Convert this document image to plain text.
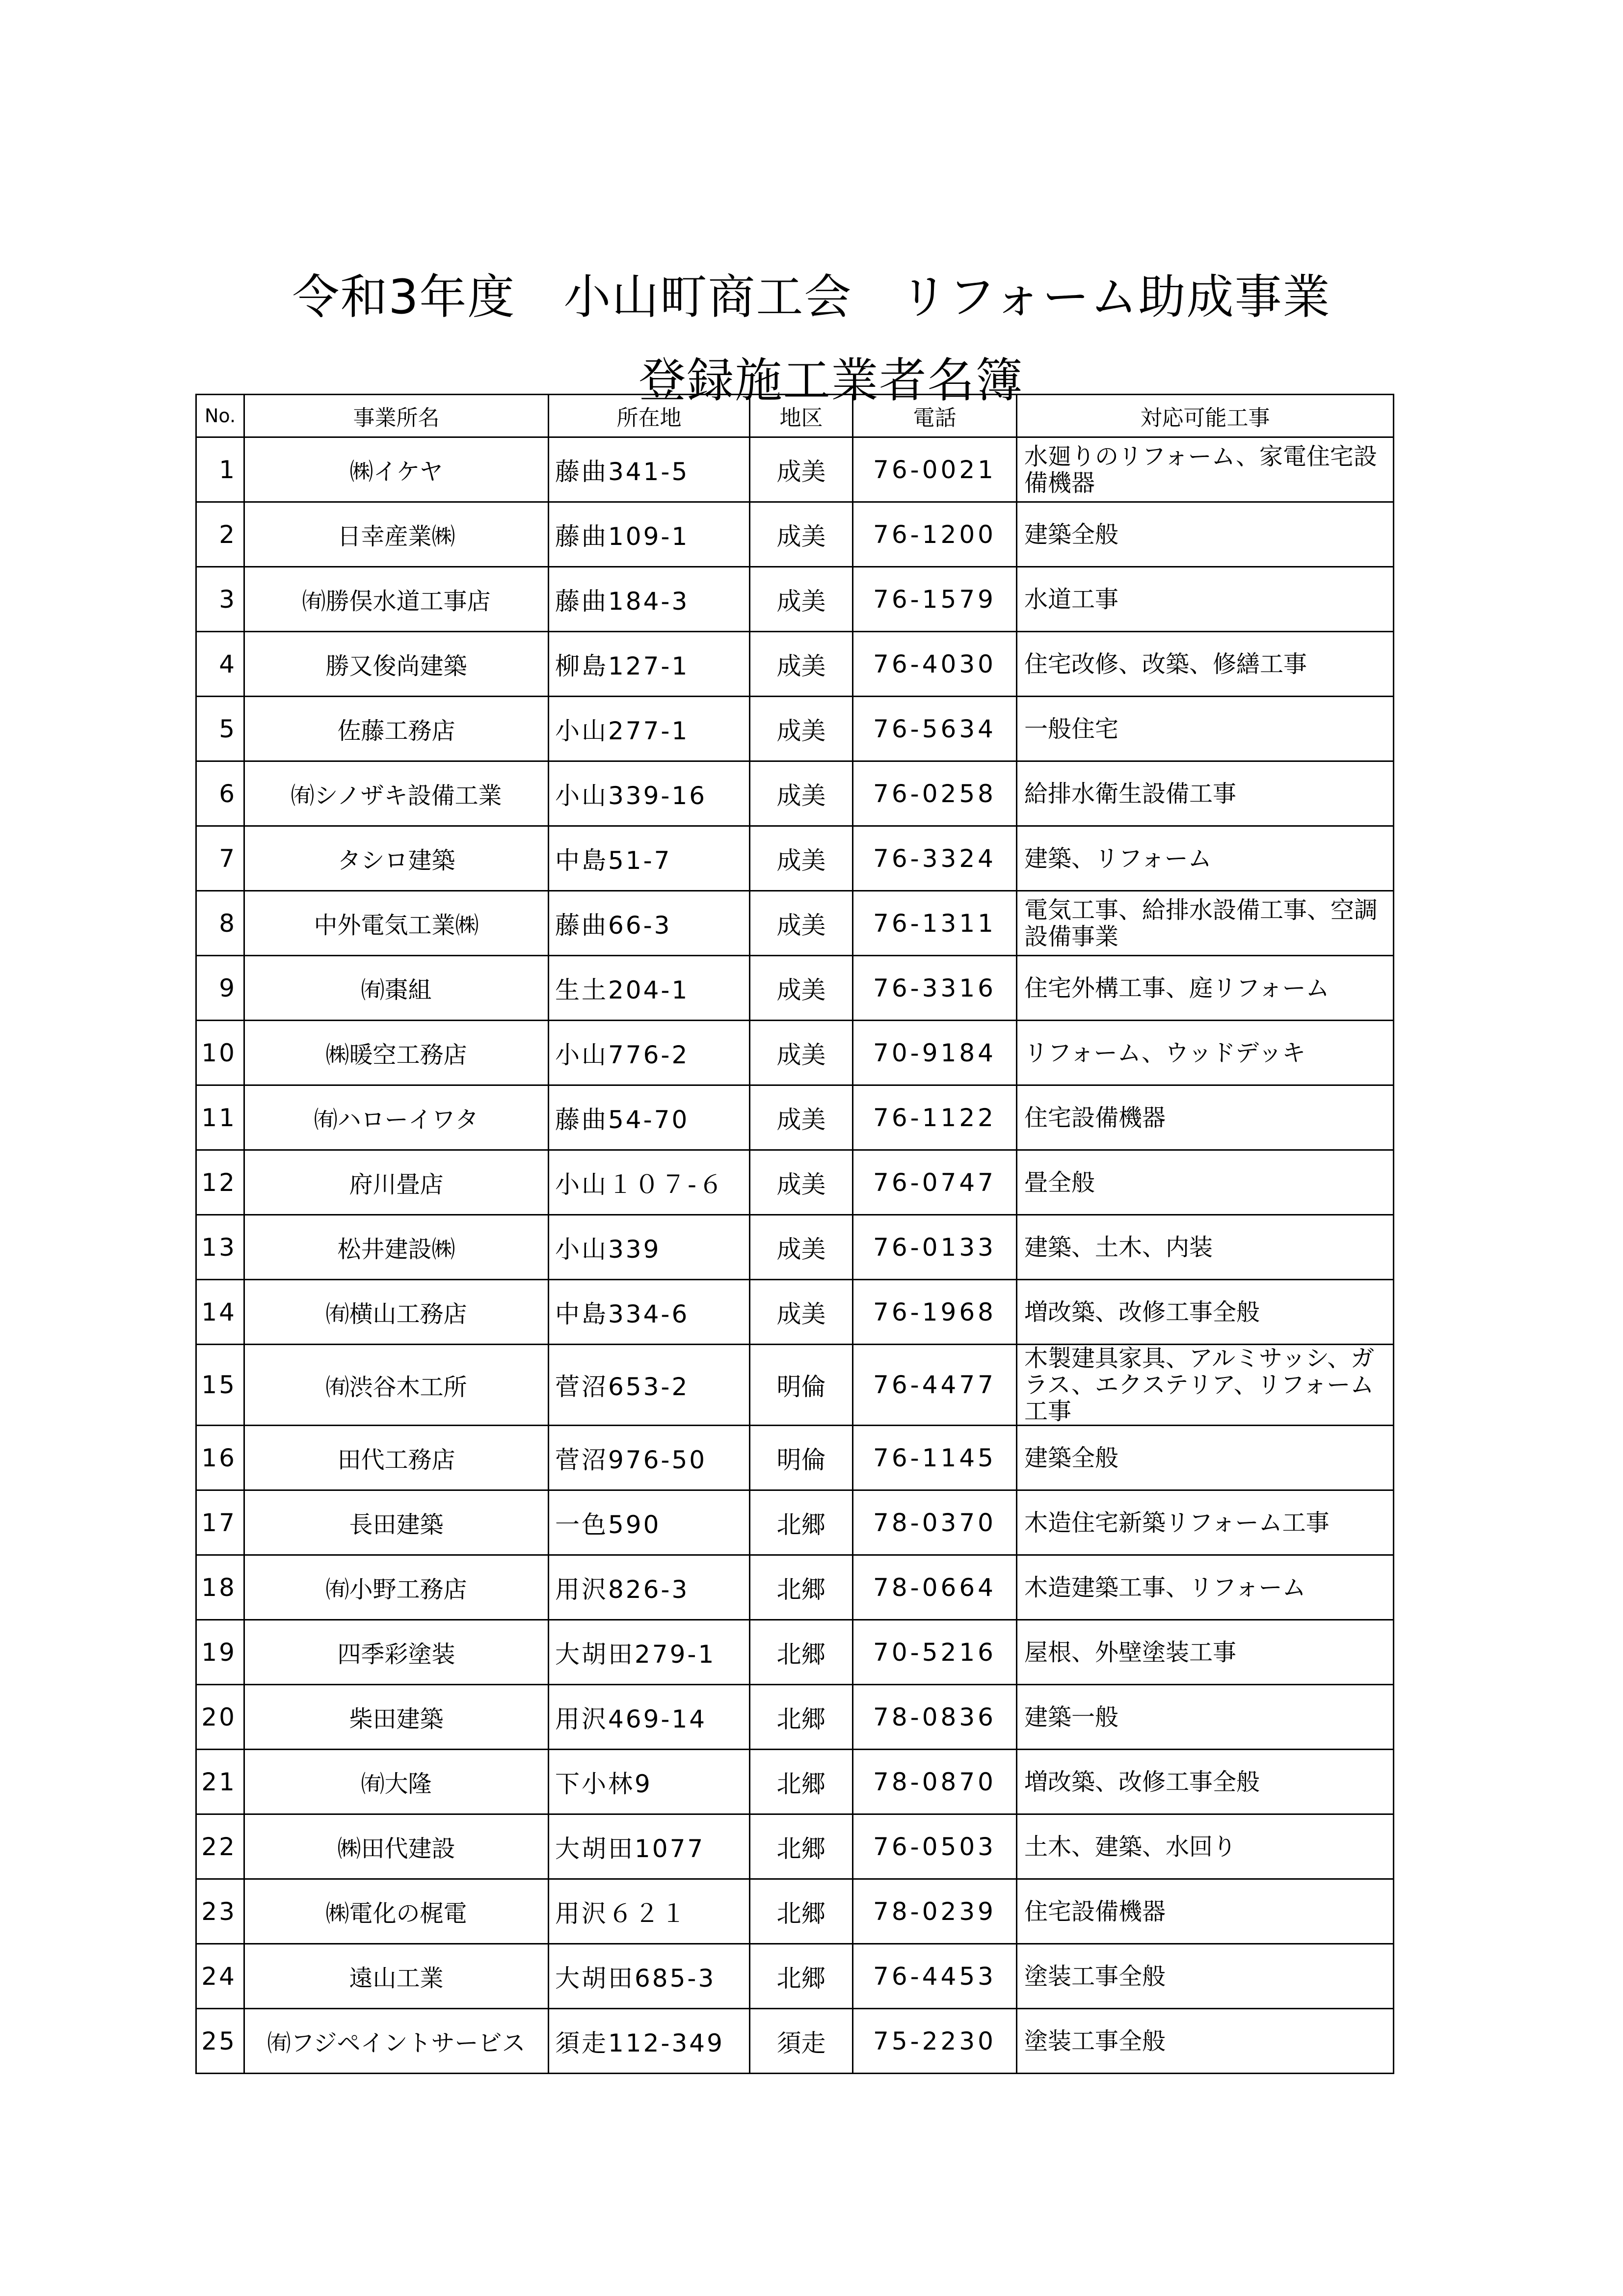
令和3年度　小山町商工会　リフォーム助成事業
登録施工業者名簿
No.	事業所名	所在地	地区	電話	対応可能工事
1	㈱イケヤ	藤曲341-5	成美	76-0021	水廻りのリフォーム、家電住宅設備機器
2	日幸産業㈱	藤曲109-1	成美	76-1200	建築全般
3	㈲勝俣水道工事店	藤曲184-3	成美	76-1579	水道工事
4	勝又俊尚建築	柳島127-1	成美	76-4030	住宅改修、改築、修繕工事
5	佐藤工務店	小山277-1	成美	76-5634	一般住宅
6	㈲シノザキ設備工業	小山339-16	成美	76-0258	給排水衛生設備工事
7	タシロ建築	中島51-7	成美	76-3324	建築、リフォーム
8	中外電気工業㈱	藤曲66-3	成美	76-1311	電気工事、給排水設備工事、空調設備事業
9	㈲棗組	生土204-1	成美	76-3316	住宅外構工事、庭リフォーム
10	㈱暖空工務店	小山776-2	成美	70-9184	リフォーム、ウッドデッキ
11	㈲ハローイワタ	藤曲54-70	成美	76-1122	住宅設備機器
12	府川畳店	小山１０７-６	成美	76-0747	畳全般
13	松井建設㈱	小山339	成美	76-0133	建築、土木、内装
14	㈲横山工務店	中島334-6	成美	76-1968	増改築、改修工事全般
15	㈲渋谷木工所	菅沼653-2	明倫	76-4477	木製建具家具、アルミサッシ、ガラス、エクステリア、リフォーム工事
16	田代工務店	菅沼976-50	明倫	76-1145	建築全般
17	長田建築	一色590	北郷	78-0370	木造住宅新築リフォーム工事
18	㈲小野工務店	用沢826-3	北郷	78-0664	木造建築工事、リフォーム
19	四季彩塗装	大胡田279-1	北郷	70-5216	屋根、外壁塗装工事
20	柴田建築	用沢469-14	北郷	78-0836	建築一般
21	㈲大隆	下小林9	北郷	78-0870	増改築、改修工事全般
22	㈱田代建設	大胡田1077	北郷	76-0503	土木、建築、水回り
23	㈱電化の梶電	用沢６２１	北郷	78-0239	住宅設備機器
24	遠山工業	大胡田685-3	北郷	76-4453	塗装工事全般
25	㈲フジペイントサービス	須走112-349	須走	75-2230	塗装工事全般
